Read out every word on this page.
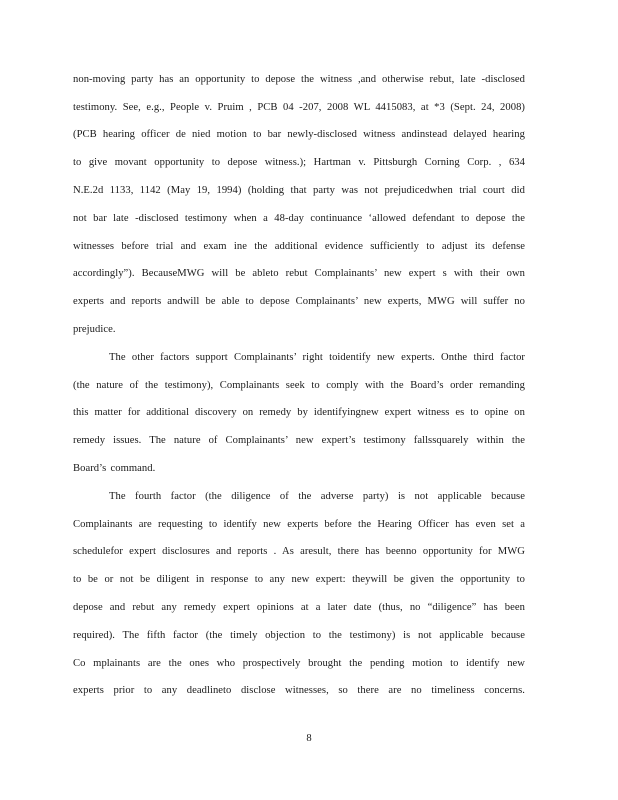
non-moving party has an opportunity to depose the witness ,and otherwise rebut, late -disclosed
testimony. See, e.g., People v. Pruim , PCB 04 -207, 2008 WL 4415083, at *3 (Sept. 24, 2008)
(PCB hearing officer de nied motion to bar newly-disclosed witness andinstead delayed hearing
to give movant opportunity to depose witness.); Hartman v. Pittsburgh Corning Corp. , 634
N.E.2d 1133, 1142 (May 19, 1994) (holding that party was not prejudicedwhen trial court did
not bar late -disclosed testimony when a 48-day continuance ‘allowed defendant to depose the
witnesses before trial and exam ine the additional evidence sufficiently to adjust its defense
accordingly”). BecauseMWG will be ableto rebut Complainants’ new expert s with their own
experts and reports andwill be able to depose Complainants’ new experts, MWG will suffer no
prejudice.
The other factors support Complainants’ right toidentify new experts. Onthe third factor
(the nature of the testimony), Complainants seek to comply with the Board’s order remanding
this matter for additional discovery on remedy by identifyingnew expert witness es to opine on
remedy issues. The nature of Complainants’ new expert’s testimony fallssquarely within the
Board’s command.
The fourth factor (the diligence of the adverse party) is not applicable because
Complainants are requesting to identify new experts before the Hearing Officer has even set a
schedulefor expert disclosures and reports . As aresult, there has beenno opportunity for MWG
to be or not be diligent in response to any new expert: theywill be given the opportunity to
depose and rebut any remedy expert opinions at a later date (thus, no “diligence” has been
required). The fifth factor (the timely objection to the testimony) is not applicable because
Co mplainants are the ones who prospectively brought the pending motion to identify new
experts prior to any deadlineto disclose witnesses, so there are no timeliness concerns.
8
